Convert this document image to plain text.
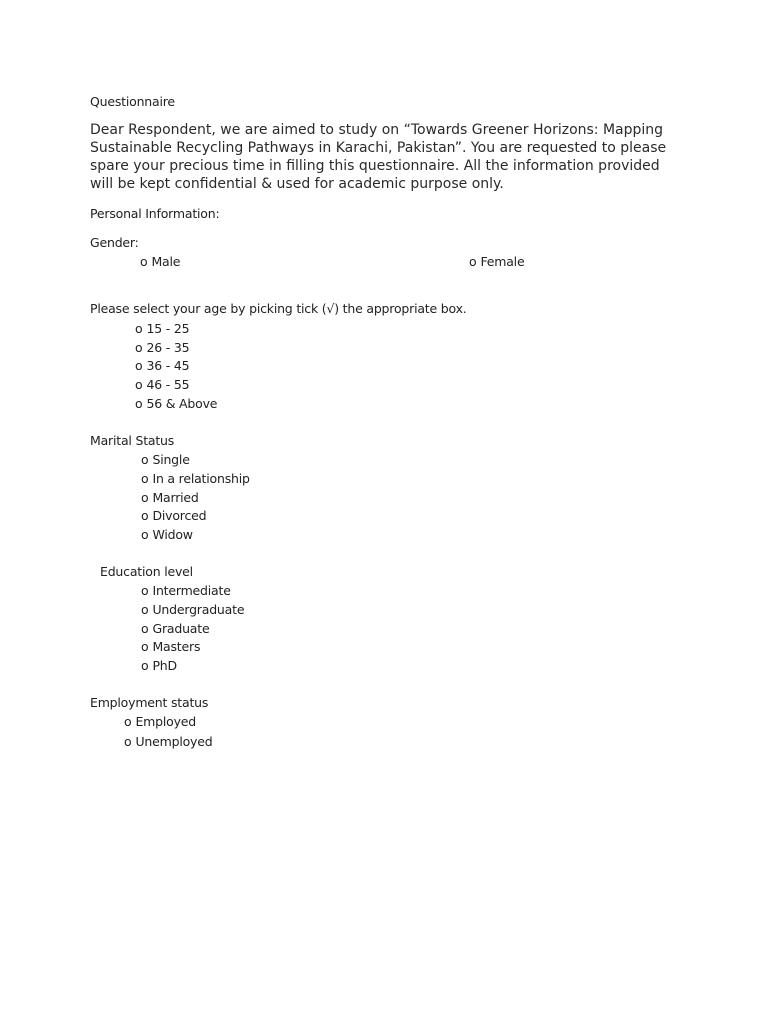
Questionnaire
Dear Respondent, we are aimed to study on “Towards Greener Horizons: Mapping
Sustainable Recycling Pathways in Karachi, Pakistan”. You are requested to please
spare your precious time in filling this questionnaire. All the information provided
will be kept confidential & used for academic purpose only.
Personal Information:
Gender:
o Male	o Female
Please select your age by picking tick (√) the appropriate box.
o 15 - 25
o 26 - 35
o 36 - 45
o 46 - 55
o 56 & Above
Marital Status
o Single
o In a relationship
o Married
o Divorced
o Widow
Education level
o Intermediate
o Undergraduate
o Graduate
o Masters
o PhD
Employment status
o Employed
o Unemployed
